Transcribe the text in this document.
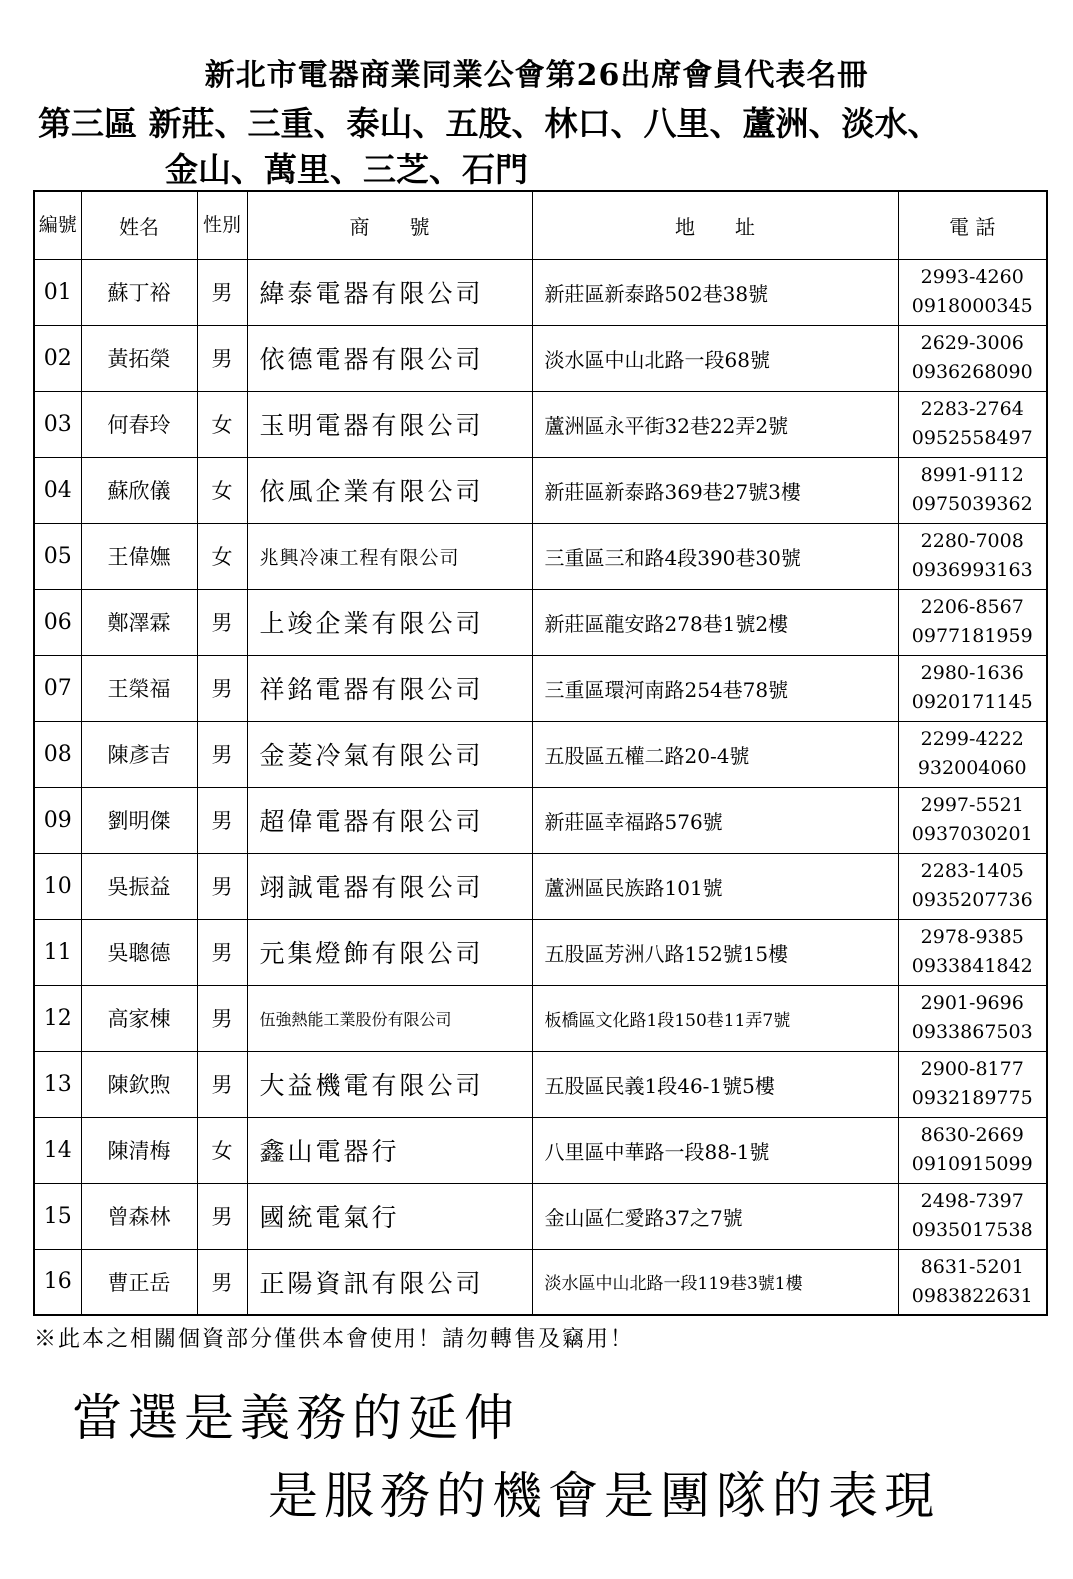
新北市電器商業同業公會第26出席會員代表名冊
第三區 新莊、三重、泰山、五股、林口、八里、蘆洲、淡水、
金山、萬里、三芝、石門
編號	姓名	性別	商　　號	地　　址	電 話
01	蘇丁裕	男	緯泰電器有限公司	新莊區新泰路502巷38號	2993-4260
0918000345

02	黃拓榮	男	依德電器有限公司	淡水區中山北路一段68號	2629-3006
0936268090

03	何春玲	女	玉明電器有限公司	蘆洲區永平街32巷22弄2號	2283-2764
0952558497

04	蘇欣儀	女	依風企業有限公司	新莊區新泰路369巷27號3樓	8991-9112
0975039362

05	王偉嫵	女	兆興冷凍工程有限公司	三重區三和路4段390巷30號	2280-7008
0936993163

06	鄭澤霖	男	上竣企業有限公司	新莊區龍安路278巷1號2樓	2206-8567
0977181959

07	王榮福	男	祥銘電器有限公司	三重區環河南路254巷78號	2980-1636
0920171145

08	陳彥吉	男	金菱冷氣有限公司	五股區五權二路20-4號	2299-4222
932004060

09	劉明傑	男	超偉電器有限公司	新莊區幸福路576號	2997-5521
0937030201

10	吳振益	男	翊誠電器有限公司	蘆洲區民族路101號	2283-1405
0935207736

11	吳聰德	男	元集燈飾有限公司	五股區芳洲八路152號15樓	2978-9385
0933841842

12	高家棟	男	伍強熱能工業股份有限公司	板橋區文化路1段150巷11弄7號	2901-9696
0933867503

13	陳欽煦	男	大益機電有限公司	五股區民義1段46-1號5樓	2900-8177
0932189775

14	陳清梅	女	鑫山電器行	八里區中華路一段88-1號	8630-2669
0910915099

15	曾森林	男	國統電氣行	金山區仁愛路37之7號	2498-7397
0935017538

16	曹正岳	男	正陽資訊有限公司	淡水區中山北路一段119巷3號1樓	8631-5201
0983822631
※此本之相關個資部分僅供本會使用！請勿轉售及竊用！
當選是義務的延伸
是服務的機會是團隊的表現
